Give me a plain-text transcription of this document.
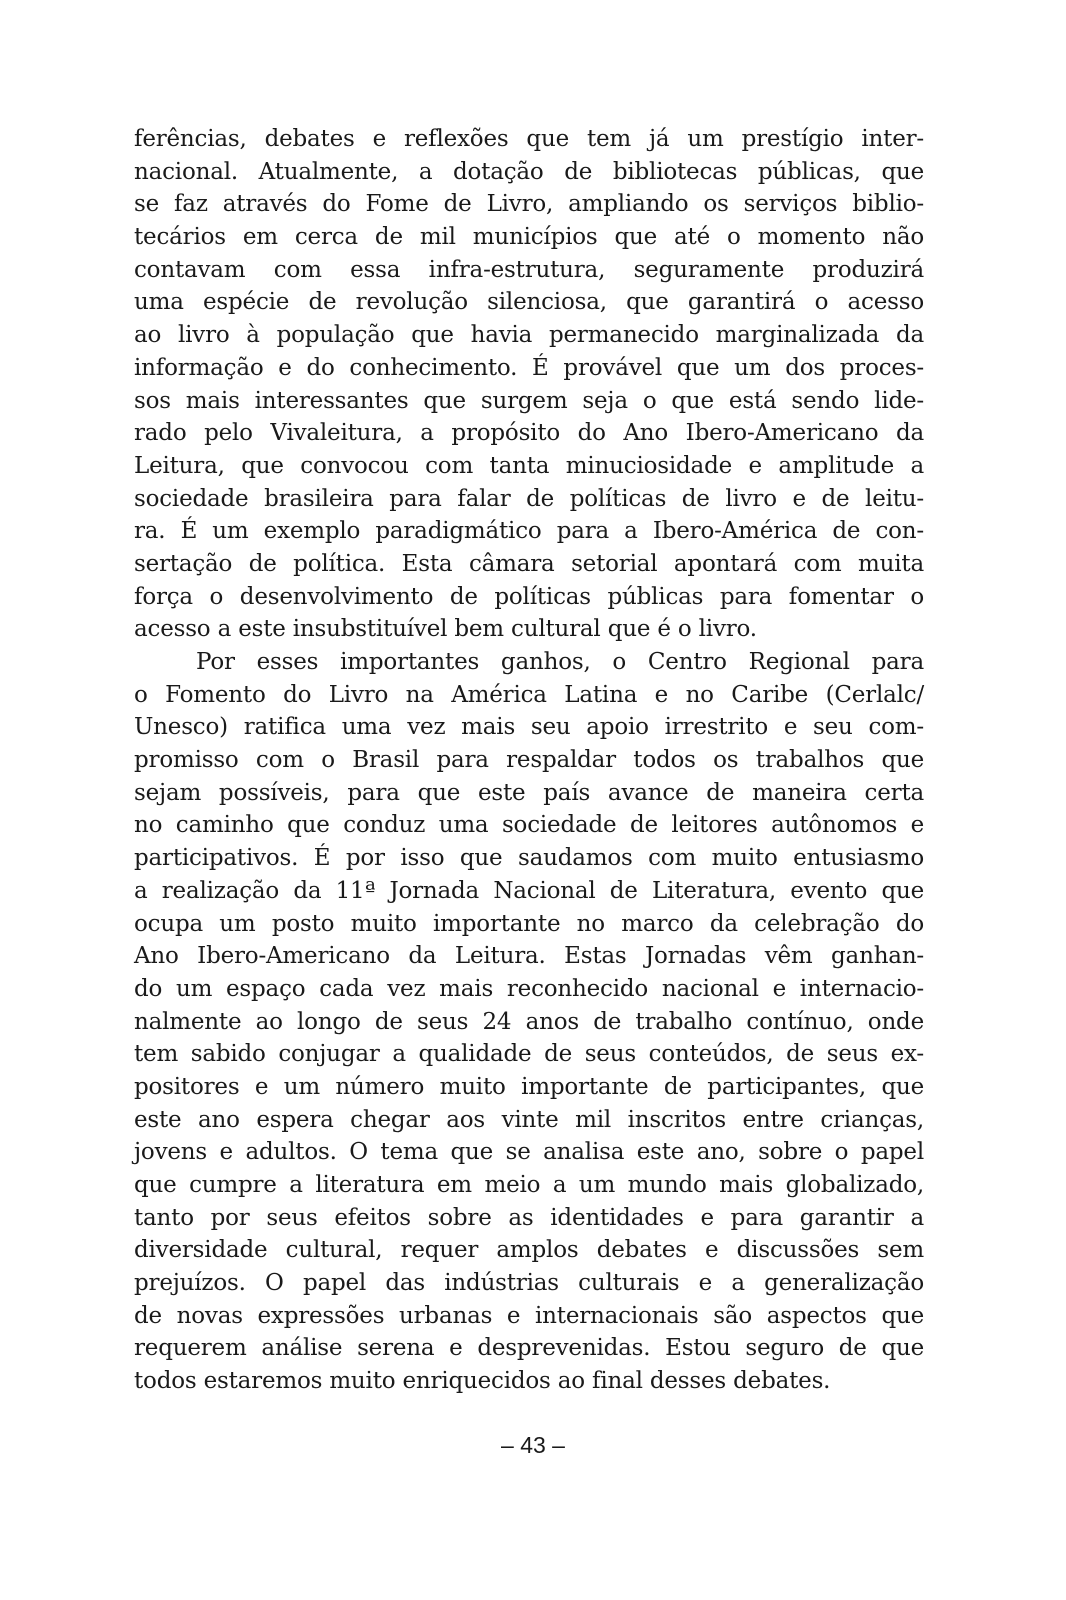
ferências, debates e reflexões que tem já um prestígio inter-
nacional. Atualmente, a dotação de bibliotecas públicas, que
se faz através do Fome de Livro, ampliando os serviços biblio-
tecários em cerca de mil municípios que até o momento não
contavam com essa infra-estrutura, seguramente produzirá
uma espécie de revolução silenciosa, que garantirá o acesso
ao livro à população que havia permanecido marginalizada da
informação e do conhecimento. É provável que um dos proces-
sos mais interessantes que surgem seja o que está sendo lide-
rado pelo Vivaleitura, a propósito do Ano Ibero-Americano da
Leitura, que convocou com tanta minuciosidade e amplitude a
sociedade brasileira para falar de políticas de livro e de leitu-
ra. É um exemplo paradigmático para a Ibero-América de con-
sertação de política. Esta câmara setorial apontará com muita
força o desenvolvimento de políticas públicas para fomentar o
acesso a este insubstituível bem cultural que é o livro.
Por esses importantes ganhos, o Centro Regional para
o Fomento do Livro na América Latina e no Caribe (Cerlalc/
Unesco) ratifica uma vez mais seu apoio irrestrito e seu com-
promisso com o Brasil para respaldar todos os trabalhos que
sejam possíveis, para que este país avance de maneira certa
no caminho que conduz uma sociedade de leitores autônomos e
participativos. É por isso que saudamos com muito entusiasmo
a realização da 11ª Jornada Nacional de Literatura, evento que
ocupa um posto muito importante no marco da celebração do
Ano Ibero-Americano da Leitura. Estas Jornadas vêm ganhan-
do um espaço cada vez mais reconhecido nacional e internacio-
nalmente ao longo de seus 24 anos de trabalho contínuo, onde
tem sabido conjugar a qualidade de seus conteúdos, de seus ex-
positores e um número muito importante de participantes, que
este ano espera chegar aos vinte mil inscritos entre crianças,
jovens e adultos. O tema que se analisa este ano, sobre o papel
que cumpre a literatura em meio a um mundo mais globalizado,
tanto por seus efeitos sobre as identidades e para garantir a
diversidade cultural, requer amplos debates e discussões sem
prejuízos. O papel das indústrias culturais e a generalização
de novas expressões urbanas e internacionais são aspectos que
requerem análise serena e desprevenidas. Estou seguro de que
todos estaremos muito enriquecidos ao final desses debates.
– 43 –
